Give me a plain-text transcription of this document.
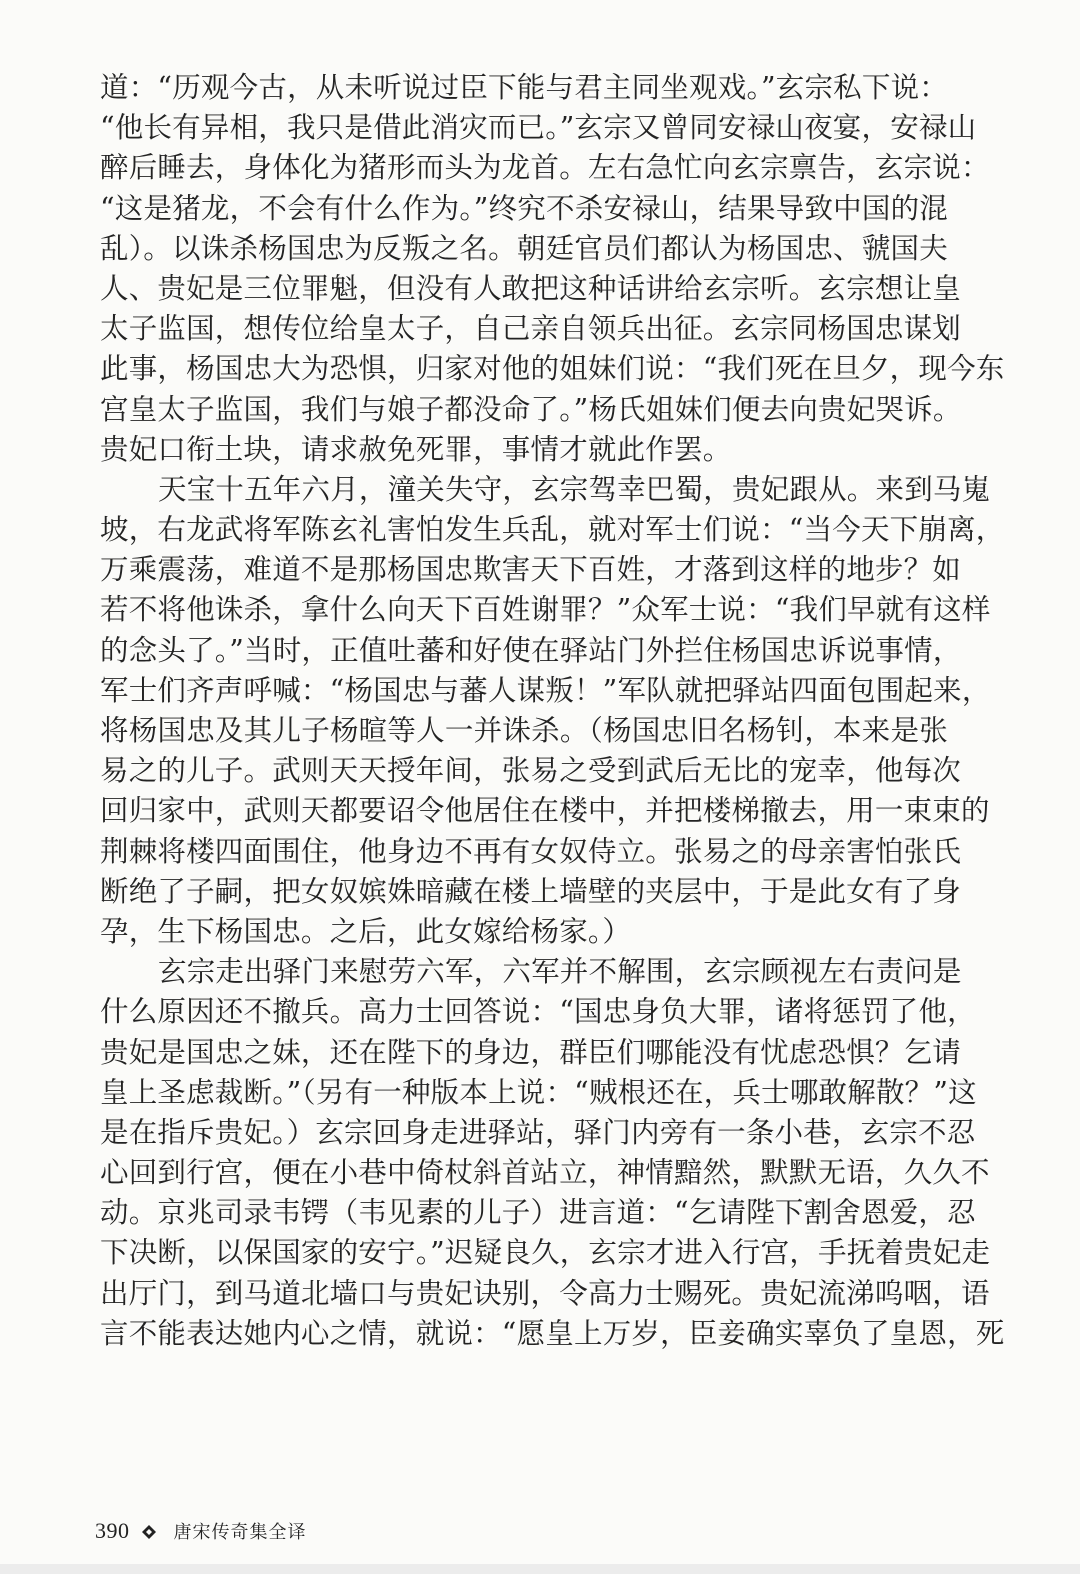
道：“历观今古，从未听说过臣下能与君主同坐观戏。”玄宗私下说：
“他长有异相，我只是借此消灾而已。”玄宗又曾同安禄山夜宴，安禄山
醉后睡去，身体化为猪形而头为龙首。左右急忙向玄宗禀告，玄宗说：
“这是猪龙，不会有什么作为。”终究不杀安禄山，结果导致中国的混
乱）。以诛杀杨国忠为反叛之名。朝廷官员们都认为杨国忠、虢国夫
人、贵妃是三位罪魁，但没有人敢把这种话讲给玄宗听。玄宗想让皇
太子监国，想传位给皇太子，自己亲自领兵出征。玄宗同杨国忠谋划
此事，杨国忠大为恐惧，归家对他的姐妹们说：“我们死在旦夕，现今东
宫皇太子监国，我们与娘子都没命了。”杨氏姐妹们便去向贵妃哭诉。
贵妃口衔土块，请求赦免死罪，事情才就此作罢。
天宝十五年六月，潼关失守，玄宗驾幸巴蜀，贵妃跟从。来到马嵬
坡，右龙武将军陈玄礼害怕发生兵乱，就对军士们说：“当今天下崩离，
万乘震荡，难道不是那杨国忠欺害天下百姓，才落到这样的地步？如
若不将他诛杀，拿什么向天下百姓谢罪？”众军士说：“我们早就有这样
的念头了。”当时，正值吐蕃和好使在驿站门外拦住杨国忠诉说事情，
军士们齐声呼喊：“杨国忠与蕃人谋叛！”军队就把驿站四面包围起来，
将杨国忠及其儿子杨暄等人一并诛杀。（杨国忠旧名杨钊，本来是张
易之的儿子。武则天天授年间，张易之受到武后无比的宠幸，他每次
回归家中，武则天都要诏令他居住在楼中，并把楼梯撤去，用一束束的
荆棘将楼四面围住，他身边不再有女奴侍立。张易之的母亲害怕张氏
断绝了子嗣，把女奴嫔姝暗藏在楼上墙壁的夹层中，于是此女有了身
孕，生下杨国忠。之后，此女嫁给杨家。）
玄宗走出驿门来慰劳六军，六军并不解围，玄宗顾视左右责问是
什么原因还不撤兵。高力士回答说：“国忠身负大罪，诸将惩罚了他，
贵妃是国忠之妹，还在陛下的身边，群臣们哪能没有忧虑恐惧？乞请
皇上圣虑裁断。”（另有一种版本上说：“贼根还在，兵士哪敢解散？”这
是在指斥贵妃。）玄宗回身走进驿站，驿门内旁有一条小巷，玄宗不忍
心回到行宫，便在小巷中倚杖斜首站立，神情黯然，默默无语，久久不
动。京兆司录韦锷（韦见素的儿子）进言道：“乞请陛下割舍恩爱，忍
下决断，以保国家的安宁。”迟疑良久，玄宗才进入行宫，手抚着贵妃走
出厅门，到马道北墙口与贵妃诀别，令高力士赐死。贵妃流涕呜咽，语
言不能表达她内心之情，就说：“愿皇上万岁，臣妾确实辜负了皇恩，死
390 唐宋传奇集全译
